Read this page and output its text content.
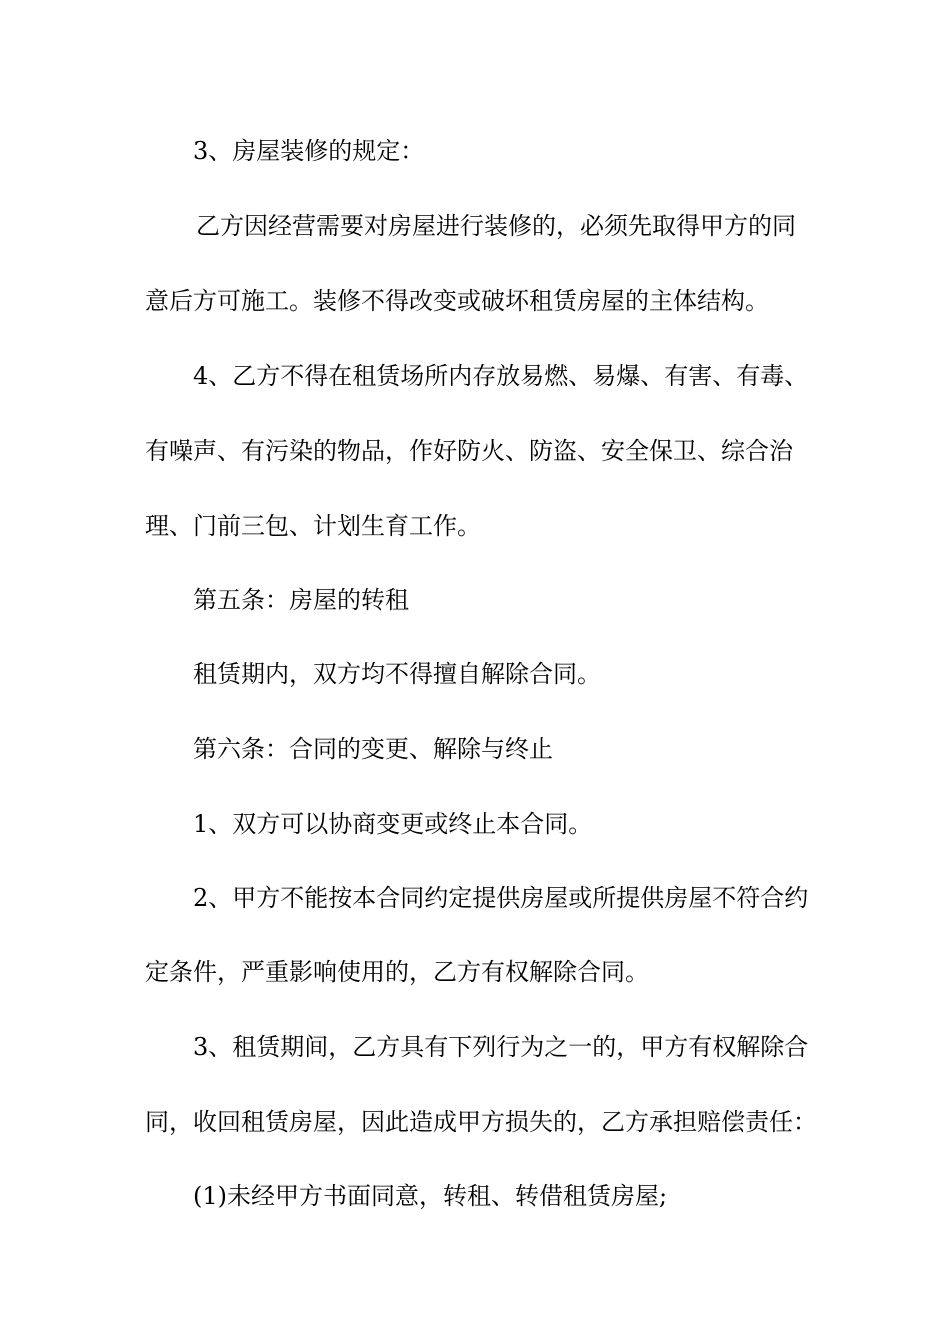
3、房屋装修的规定：
乙方因经营需要对房屋进行装修的，必须先取得甲方的同
意后方可施工。装修不得改变或破坏租赁房屋的主体结构。
4、乙方不得在租赁场所内存放易燃、易爆、有害、有毒、
有噪声、有污染的物品，作好防火、防盗、安全保卫、综合治
理、门前三包、计划生育工作。
第五条：房屋的转租
租赁期内，双方均不得擅自解除合同。
第六条：合同的变更、解除与终止
1、双方可以协商变更或终止本合同。
2、甲方不能按本合同约定提供房屋或所提供房屋不符合约
定条件，严重影响使用的，乙方有权解除合同。
3、租赁期间，乙方具有下列行为之一的，甲方有权解除合
同，收回租赁房屋，因此造成甲方损失的，乙方承担赔偿责任：
(1)未经甲方书面同意，转租、转借租赁房屋;
